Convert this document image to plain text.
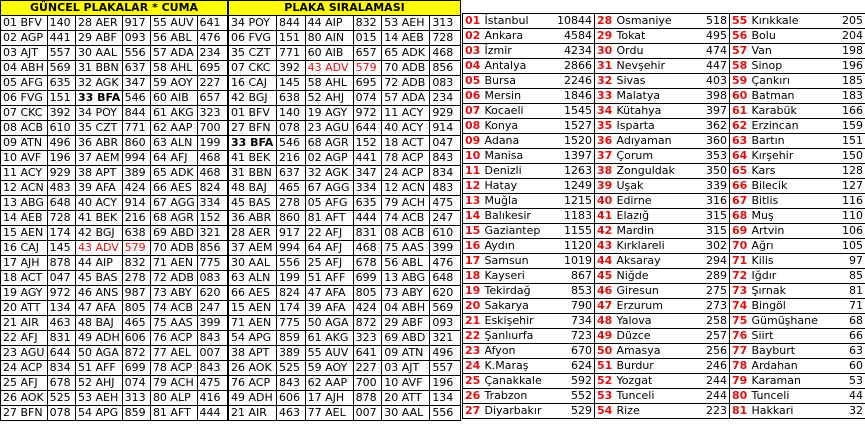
GÜNCEL PLAKALAR * CUMA					
01 BFV	140	28 AER	917	55 AUV	641
02 AGP	441	29 ABF	093	56 ABL	476
03 AJT	557	30 AAL	556	57 ADA	234
04 ABH	569	31 BBN	637	58 AHL	695
05 AFG	635	32 AGK	347	59 AOY	227
06 FVG	151	33 BFA	546	60 AIB	657
07 CKC	392	34 POY	844	61 AKG	323
08 ACB	610	35 CZT	771	62 AAP	700
09 ATN	496	36 ABR	860	63 ALN	199
10 AVF	196	37 AEM	994	64 AFJ	468
11 ACY	929	38 APT	389	65 ADK	468
12 ACN	483	39 AFA	424	66 AES	824
13 ABG	648	40 ACY	914	67 AGG	334
14 AEB	728	41 BEK	216	68 AGR	152
15 AEN	174	42 BGJ	638	69 ABD	321
16 CAJ	145	43 ADV	579	70 ADB	856
17 AJH	878	44 AIP	832	71 AEN	775
18 ACT	047	45 BAS	278	72 ADB	083
19 AGY	972	46 ANS	987	73 ABY	620
20 ATT	134	47 AFA	805	74 ACB	247
21 AIR	463	48 BAJ	465	75 AAS	399
22 AFJ	831	49 ADH	606	76 ACP	843
23 AGU	644	50 AGA	872	77 AEL	007
24 ACP	834	51 AFF	699	78 ACP	843
25 AFJ	678	52 AHJ	074	79 ACH	475
26 AOK	525	53 AEH	313	80 ALP	416
27 BFN	078	54 APG	859	81 AFT	444
PLAKA SIRALAMASI					
34 POY	844	44 AIP	832	53 AEH	313
06 FVG	151	80 AIN	015	14 AEB	728
35 CZT	771	60 AIB	657	65 ADK	468
07 CKC	392	43 ADV	579	70 ADB	856
16 CAJ	145	58 AHL	695	72 ADB	083
42 BGJ	638	52 AHJ	074	57 ADA	234
01 BFV	140	19 AGY	972	11 ACY	929
27 BFN	078	23 AGU	644	40 ACY	914
33 BFA	546	68 AGR	152	18 ACT	047
41 BEK	216	02 AGP	441	78 ACP	843
31 BBN	637	32 AGK	347	24 ACP	834
48 BAJ	465	67 AGG	334	12 ACN	483
45 BAS	278	05 AFG	635	79 ACH	475
36 ABR	860	81 AFT	444	74 ACB	247
28 AER	917	22 AFJ	831	08 ACB	610
37 AEM	994	64 AFJ	468	75 AAS	399
30 AAL	556	25 AFJ	678	56 ABL	476
63 ALN	199	51 AFF	699	13 ABG	648
66 AES	824	47 AFA	805	73 ABY	620
15 AEN	174	39 AFA	424	04 ABH	569
71 AEN	775	50 AGA	872	29 ABF	093
54 APG	859	61 AKG	323	69 ABD	321
38 APT	389	55 AUV	641	09 ATN	496
26 AOK	525	59 AOY	227	03 AJT	557
76 ACP	843	62 AAP	700	10 AVF	196
49 ADH	606	17 AJH	878	20 ATT	134
21 AIR	463	77 AEL	007	30 AAL	556
01	İstanbul	10844	28	Osmaniye	518	55	Kırıkkale	205
02	Ankara	4584	29	Tokat	495	56	Bolu	204
03	İzmir	4234	30	Ordu	474	57	Van	198
04	Antalya	2866	31	Nevşehir	447	58	Sinop	196
05	Bursa	2246	32	Sivas	403	59	Çankırı	185
06	Mersin	1846	33	Malatya	398	60	Batman	183
07	Kocaeli	1545	34	Kütahya	397	61	Karabük	166
08	Konya	1527	35	Isparta	362	62	Erzincan	159
09	Adana	1520	36	Adıyaman	360	63	Bartın	151
10	Manisa	1397	37	Çorum	353	64	Kırşehir	150
11	Denizli	1263	38	Zonguldak	350	65	Kars	128
12	Hatay	1249	39	Uşak	339	66	Bilecik	127
13	Muğla	1215	40	Edirne	316	67	Bitlis	116
14	Balıkesir	1183	41	Elazığ	315	68	Muş	110
15	Gaziantep	1155	42	Mardin	315	69	Artvin	106
16	Aydın	1120	43	Kırklareli	302	70	Ağrı	105
17	Samsun	1019	44	Aksaray	294	71	Kilis	97
18	Kayseri	867	45	Niğde	289	72	Iğdır	85
19	Tekirdağ	853	46	Giresun	275	73	Şırnak	81
20	Sakarya	790	47	Erzurum	273	74	Bingöl	71
21	Eskişehir	734	48	Yalova	258	75	Gümüşhane	68
22	Şanlıurfa	723	49	Düzce	257	76	Siirt	66
23	Afyon	670	50	Amasya	256	77	Bayburt	63
24	K.Maraş	624	51	Burdur	246	78	Ardahan	60
25	Çanakkale	592	52	Yozgat	244	79	Karaman	53
26	Trabzon	552	53	Tunceli	244	80	Tunceli	44
27	Diyarbakır	529	54	Rize	223	81	Hakkari	32
